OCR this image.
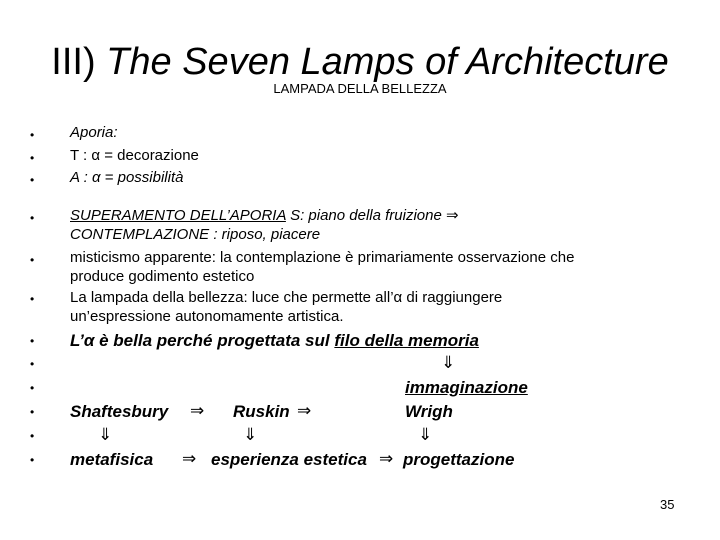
III) The Seven Lamps of Architecture
LAMPADA DELLA BELLEZZA
•
•
•
•
•
•
•
•
•
•
•
•
Aporia:
T : α = decorazione
A : α = possibilità
SUPERAMENTO DELL’APORIA S: piano della fruizione ⇒
CONTEMPLAZIONE : riposo, piacere
misticismo apparente: la contemplazione è primariamente osservazione che
produce godimento estetico
La lampada della bellezza: luce che permette all’α di raggiungere
un’espressione autonomamente artistica.
L’α è bella perché progettata sul filo della memoria
⇓
immaginazione
Shaftesbury ⇒ Ruskin ⇒	Wrigh
⇓	⇓	⇓
metafisica ⇒ esperienza estetica ⇒ progettazione
35
